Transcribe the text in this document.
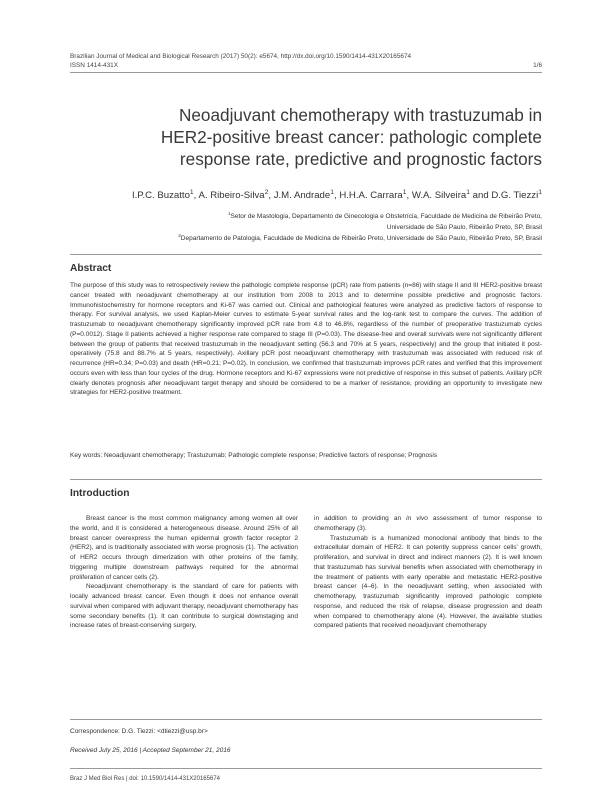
Brazilian Journal of Medical and Biological Research (2017) 50(2): e5674, http://dx.doi.org/10.1590/1414-431X20165674
ISSN 1414-431X	1/6
Neoadjuvant chemotherapy with trastuzumab in
HER2-positive breast cancer: pathologic complete
response rate, predictive and prognostic factors
I.P.C. Buzatto$^1$, A. Ribeiro-Silva$^2$, J.M. Andrade$^1$, H.H.A. Carrara$^1$, W.A. Silveira$^1$ and D.G. Tiezzi$^1$
$^1$Setor de Mastologia, Departamento de Ginecologia e Obstetrícia, Faculdade de Medicina de Ribeirão Preto,
Universidade de São Paulo, Ribeirão Preto, SP, Brasil
$^2$Departamento de Patologia, Faculdade de Medicina de Ribeirão Preto, Universidade de São Paulo, Ribeirão Preto, SP, Brasil
Abstract
The purpose of this study was to retrospectively review the pathologic complete response (pCR) rate from patients (n=86) with stage II and III HER2-positive breast cancer treated with neoadjuvant chemotherapy at our institution from 2008 to 2013 and to determine possible predictive and prognostic factors. Immunohistochemistry for hormone receptors and Ki-67 was carried out. Clinical and pathological features were analyzed as predictive factors of response to therapy. For survival analysis, we used Kaplan-Meier curves to estimate 5-year survival rates and the log-rank test to compare the curves. The addition of trastuzumab to neoadjuvant chemotherapy significantly improved pCR rate from 4.8 to 46.8%, regardless of the number of preoperative trastuzumab cycles (P=0.0012). Stage II patients achieved a higher response rate compared to stage III (P=0.03). The disease-free and overall survivals were not significantly different between the group of patients that received trastuzumab in the neoadjuvant setting (56.3 and 70% at 5 years, respectively) and the group that initiated it post-operatively (75.8 and 88.7% at 5 years, respectively). Axillary pCR post neoadjuvant chemotherapy with trastuzumab was associated with reduced risk of recurrence (HR=0.34; P=0.03) and death (HR=0.21; P=0.02). In conclusion, we confirmed that trastuzumab improves pCR rates and verified that this improvement occurs even with less than four cycles of the drug. Hormone receptors and Ki-67 expressions were not predictive of response in this subset of patients. Axillary pCR clearly denotes prognosis after neoadjuvant target therapy and should be considered to be a marker of resistance, providing an opportunity to investigate new strategies for HER2-positive treatment.
Key words: Neoadjuvant chemotherapy; Trastuzumab; Pathologic complete response; Predictive factors of response; Prognosis
Introduction

Breast cancer is the most common malignancy among women all over the world, and it is considered a heterogeneous disease. Around 25% of all breast cancer overexpress the human epidermal growth factor receptor 2 (HER2), and is traditionally associated with worse prognosis (1). The activation of HER2 occurs through dimerization with other proteins of the family, triggering multiple downstream pathways required for the abnormal proliferation of cancer cells (2).

Neoadjuvant chemotherapy is the standard of care for patients with locally advanced breast cancer. Even though it does not enhance overall survival when compared with adjuvant therapy, neoadjuvant chemotherapy has some secondary benefits (1). It can contribute to surgical downstaging and increase rates of breast-conserving surgery,

in addition to providing an in vivo assessment of tumor response to chemotherapy (3).

Trastuzumab is a humanized monoclonal antibody that binds to the extracellular domain of HER2. It can potently suppress cancer cells' growth, proliferation, and survival in direct and indirect manners (2). It is well known that trastuzumab has survival benefits when associated with chemotherapy in the treatment of patients with early operable and metastatic HER2-positive breast cancer (4–6). In the neoadjuvant setting, when associated with chemotherapy, trastuzumab significantly improved pathologic complete response, and reduced the risk of relapse, disease progression and death when compared to chemotherapy alone (4). However, the available studies compared patients that received neoadjuvant chemotherapy

Correspondence: D.G. Tiezzi: <dtiezzi@usp.br>
Received July 25, 2016 | Accepted September 21, 2016
Braz J Med Biol Res | doi: 10.1590/1414-431X20165674
